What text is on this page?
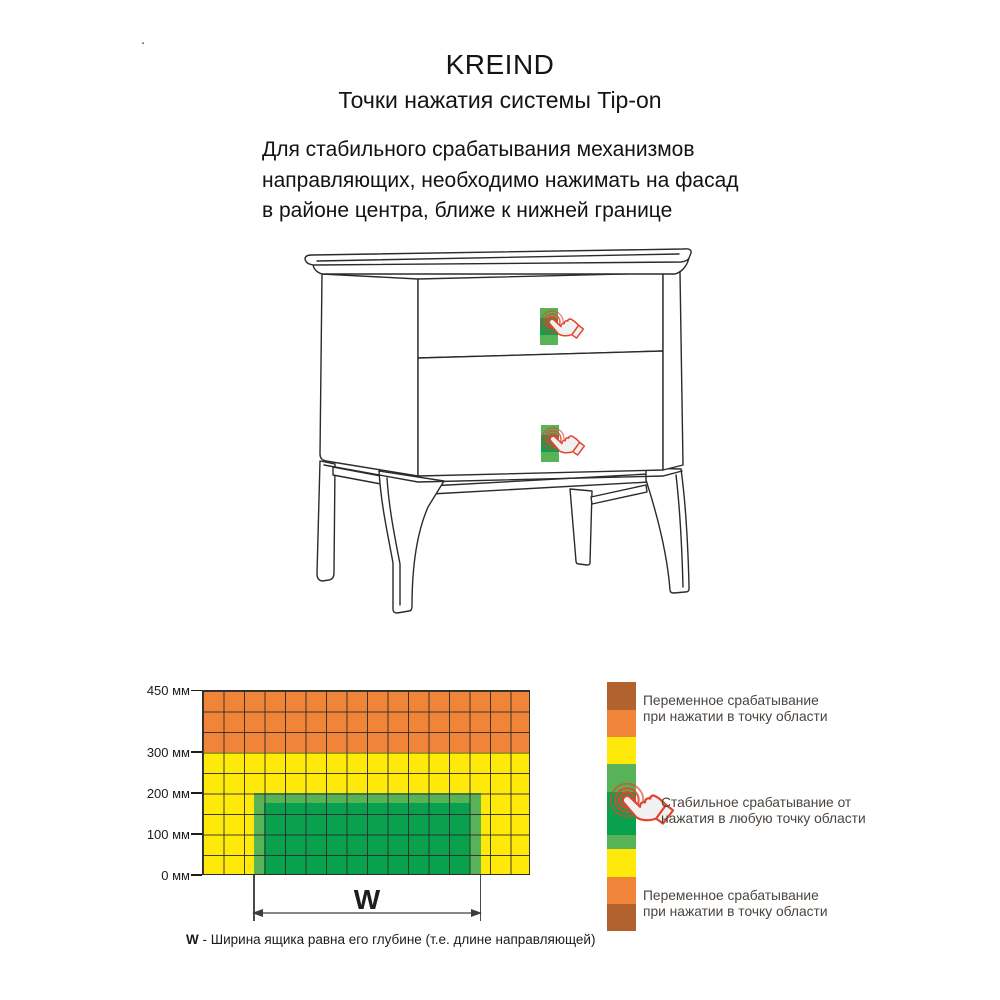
.
KREIND
Точки нажатия системы Tip-on
Для стабильного срабатывания механизмов
направляющих, необходимо нажимать на фасад
в районе центра, ближе к нижней границе
450 мм
300 мм
200 мм
100 мм
0 мм
W
W - Ширина ящика равна его глубине (т.е. длине направляющей)
Переменное срабатывание
при нажатии в точку области
Стабильное срабатывание от
нажатия в любую точку области
Переменное срабатывание
при нажатии в точку области
